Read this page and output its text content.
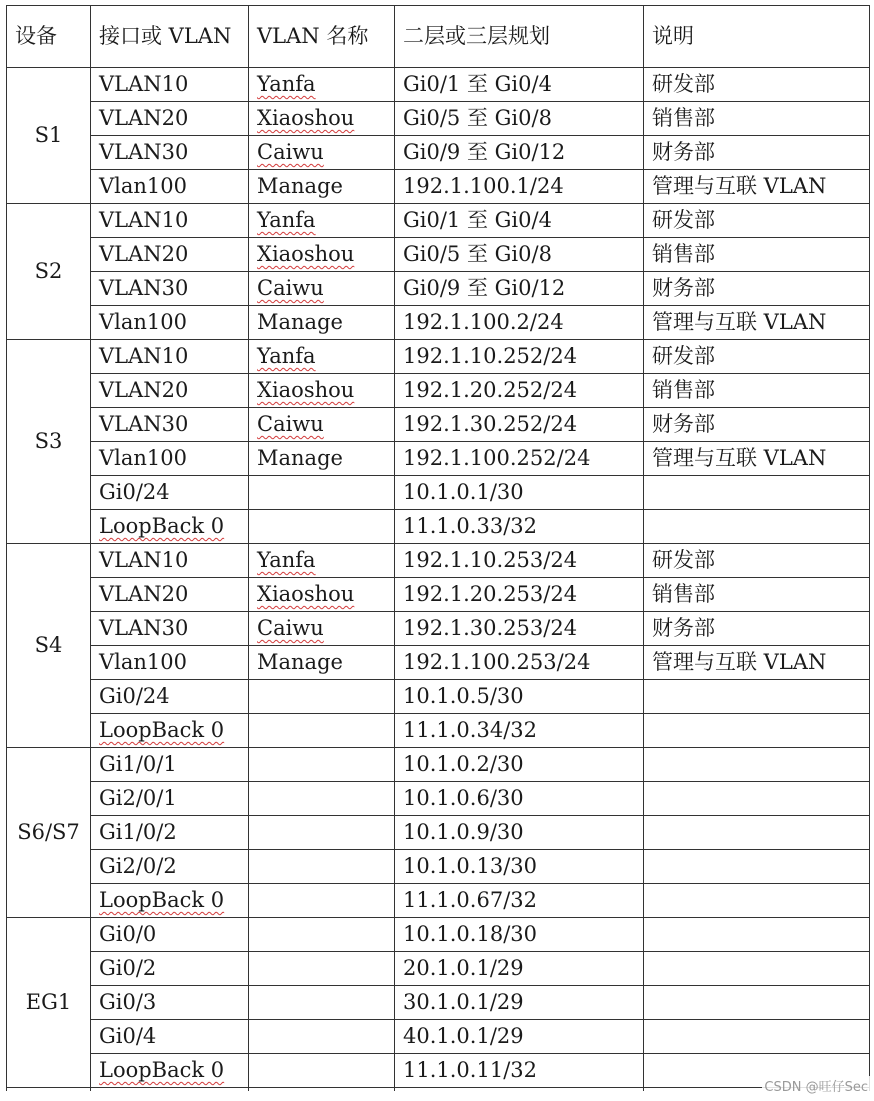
设备	接口或 VLAN	VLAN 名称	二层或三层规划	说明
S1	VLAN10	Yanfa	Gi0/1 至 Gi0/4	研发部
	VLAN20	Xiaoshou	Gi0/5 至 Gi0/8	销售部
	VLAN30	Caiwu	Gi0/9 至 Gi0/12	财务部
	Vlan100	Manage	192.1.100.1/24	管理与互联 VLAN
S2	VLAN10	Yanfa	Gi0/1 至 Gi0/4	研发部
	VLAN20	Xiaoshou	Gi0/5 至 Gi0/8	销售部
	VLAN30	Caiwu	Gi0/9 至 Gi0/12	财务部
	Vlan100	Manage	192.1.100.2/24	管理与互联 VLAN
S3	VLAN10	Yanfa	192.1.10.252/24	研发部
	VLAN20	Xiaoshou	192.1.20.252/24	销售部
	VLAN30	Caiwu	192.1.30.252/24	财务部
	Vlan100	Manage	192.1.100.252/24	管理与互联 VLAN
	Gi0/24		10.1.0.1/30	
	LoopBack 0		11.1.0.33/32	
S4	VLAN10	Yanfa	192.1.10.253/24	研发部
	VLAN20	Xiaoshou	192.1.20.253/24	销售部
	VLAN30	Caiwu	192.1.30.253/24	财务部
	Vlan100	Manage	192.1.100.253/24	管理与互联 VLAN
	Gi0/24		10.1.0.5/30	
	LoopBack 0		11.1.0.34/32	
S6/S7	Gi1/0/1		10.1.0.2/30	
	Gi2/0/1		10.1.0.6/30	
	Gi1/0/2		10.1.0.9/30	
	Gi2/0/2		10.1.0.13/30	
	LoopBack 0		11.1.0.67/32	
EG1	Gi0/0		10.1.0.18/30	
	Gi0/2		20.1.0.1/29	
	Gi0/3		30.1.0.1/29	
	Gi0/4		40.1.0.1/29	
	LoopBack 0		11.1.0.11/32	

CSDN @旺仔Sec
